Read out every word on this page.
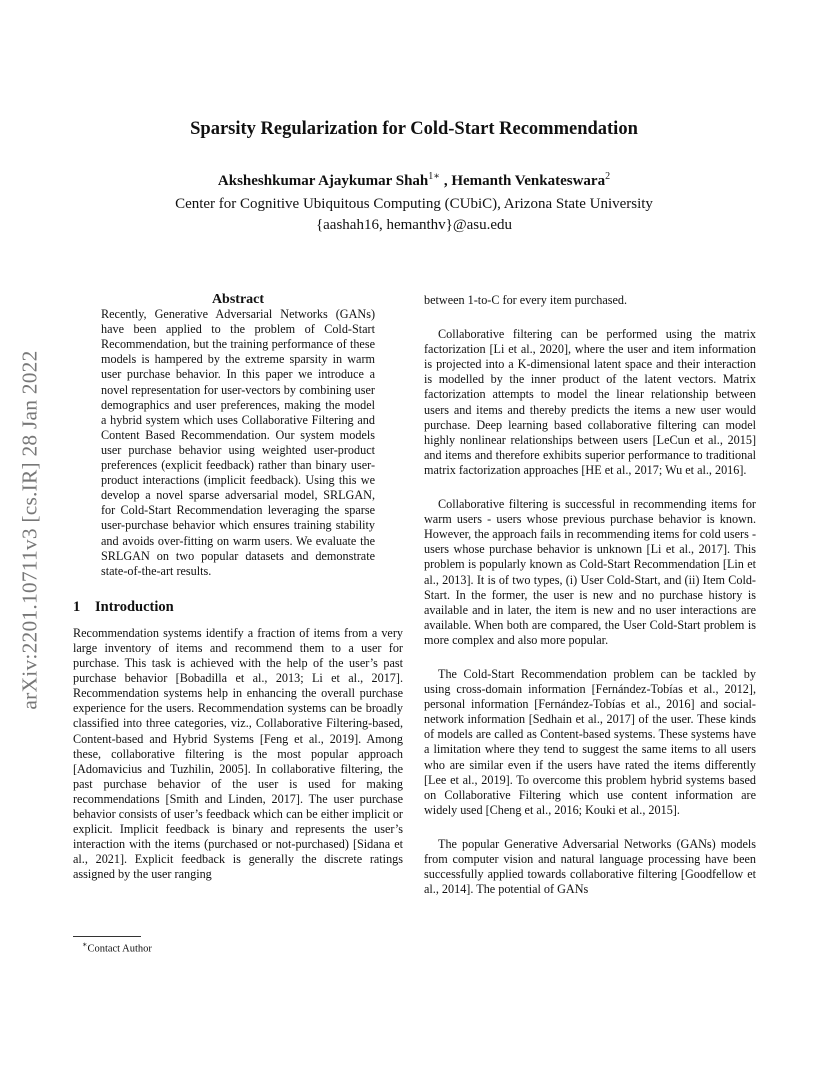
arXiv:2201.10711v3 [cs.IR] 28 Jan 2022
Sparsity Regularization for Cold-Start Recommendation
Aksheshkumar Ajaykumar Shah$^{1∗}$ , Hemanth Venkateswara$^2$
Center for Cognitive Ubiquitous Computing (CUbiC), Arizona State University
{aashah16, hemanthv}@asu.edu

Abstract

Recently, Generative Adversarial Networks (GANs) have been applied to the problem of Cold-Start Recommendation, but the training performance of these models is hampered by the extreme sparsity in warm user purchase behavior. In this paper we introduce a novel representation for user-vectors by combining user demographics and user preferences, making the model a hybrid system which uses Collaborative Filtering and Content Based Recommendation. Our system models user purchase behavior using weighted user-product preferences (explicit feedback) rather than binary user-product interactions (implicit feedback). Using this we develop a novel sparse adversarial model, SRLGAN, for Cold-Start Recommendation leveraging the sparse user-purchase behavior which ensures training stability and avoids over-fitting on warm users. We evaluate the SRLGAN on two popular datasets and demonstrate state-of-the-art results.

1 Introduction

Recommendation systems identify a fraction of items from a very large inventory of items and recommend them to a user for purchase. This task is achieved with the help of the user’s past purchase behavior [Bobadilla et al., 2013; Li et al., 2017]. Recommendation systems help in enhancing the overall purchase experience for the users. Recommendation systems can be broadly classified into three categories, viz., Collaborative Filtering-based, Content-based and Hybrid Systems [Feng et al., 2019]. Among these, collaborative filtering is the most popular approach [Adomavicius and Tuzhilin, 2005]. In collaborative filtering, the past purchase behavior of the user is used for making recommendations [Smith and Linden, 2017]. The user purchase behavior consists of user’s feedback which can be either implicit or explicit. Implicit feedback is binary and represents the user’s interaction with the items (purchased or not-purchased) [Sidana et al., 2021]. Explicit feedback is generally the discrete ratings assigned by the user ranging

between 1-to-C for every item purchased.

Collaborative filtering can be performed using the matrix factorization [Li et al., 2020], where the user and item information is projected into a K-dimensional latent space and their interaction is modelled by the inner product of the latent vectors. Matrix factorization attempts to model the linear relationship between users and items and thereby predicts the items a new user would purchase. Deep learning based collaborative filtering can model highly nonlinear relationships between users [LeCun et al., 2015] and items and therefore exhibits superior performance to traditional matrix factorization approaches [HE et al., 2017; Wu et al., 2016].

Collaborative filtering is successful in recommending items for warm users - users whose previous purchase behavior is known. However, the approach fails in recommending items for cold users - users whose purchase behavior is unknown [Li et al., 2017]. This problem is popularly known as Cold-Start Recommendation [Lin et al., 2013]. It is of two types, (i) User Cold-Start, and (ii) Item Cold-Start. In the former, the user is new and no purchase history is available and in later, the item is new and no user interactions are available. When both are compared, the User Cold-Start problem is more complex and also more popular.

The Cold-Start Recommendation problem can be tackled by using cross-domain information [Fernández-Tobías et al., 2012], personal information [Fernández-Tobías et al., 2016] and social-network information [Sedhain et al., 2017] of the user. These kinds of models are called as Content-based systems. These systems have a limitation where they tend to suggest the same items to all users who are similar even if the users have rated the items differently [Lee et al., 2019]. To overcome this problem hybrid systems based on Collaborative Filtering which use content information are widely used [Cheng et al., 2016; Kouki et al., 2015].

The popular Generative Adversarial Networks (GANs) models from computer vision and natural language processing have been successfully applied towards collaborative filtering [Goodfellow et al., 2014]. The potential of GANs

∗Contact Author
